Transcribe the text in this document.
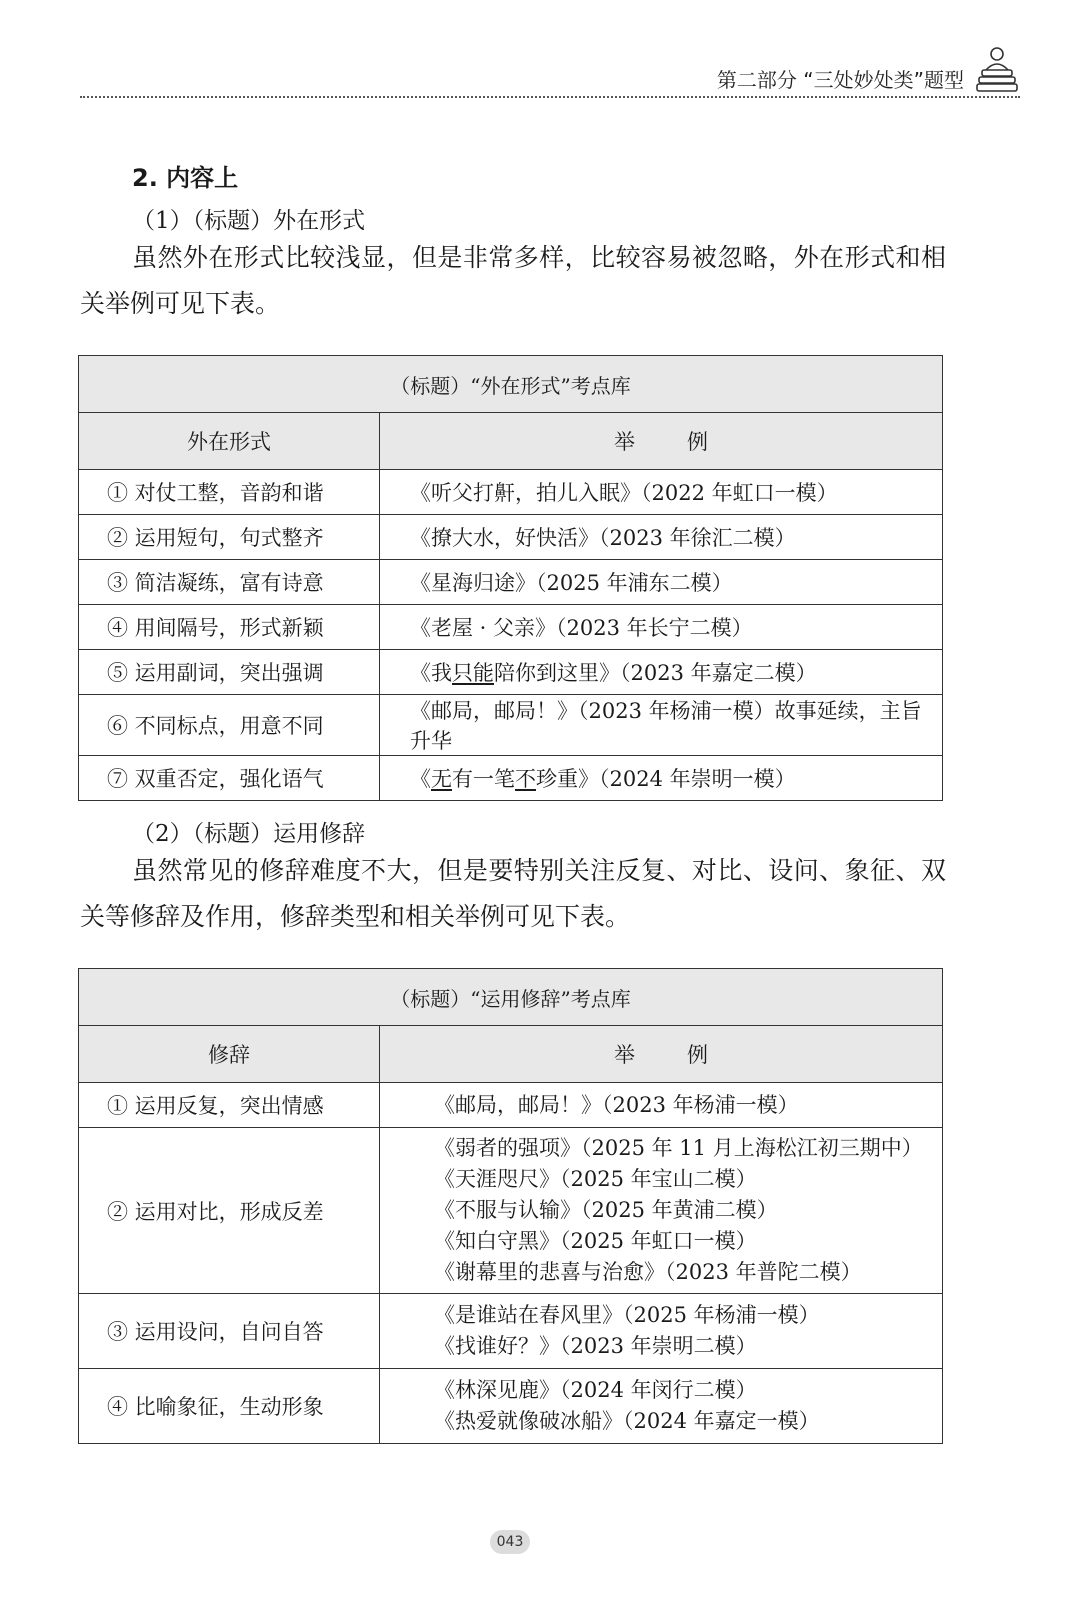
第二部分 “三处妙处类”题型
2. 内容上
（1）（标题）外在形式

虽然外在形式比较浅显，但是非常多样，比较容易被忽略，外在形式和相关举例可见下表。

（标题）“外在形式”考点库	
外在形式	举例
① 对仗工整，音韵和谐	《听父打鼾，拍儿入眠》（2022 年虹口一模）
② 运用短句，句式整齐	《撩大水，好快活》（2023 年徐汇二模）
③ 简洁凝练，富有诗意	《星海归途》（2025 年浦东二模）
④ 用间隔号，形式新颖	《老屋 · 父亲》（2023 年长宁二模）
⑤ 运用副词，突出强调	《我只能陪你到这里》（2023 年嘉定二模）
⑥ 不同标点，用意不同	《邮局，邮局！》（2023 年杨浦一模）故事延续，主旨升华
⑦ 双重否定，强化语气	《无有一笔不珍重》（2024 年崇明一模）
（2）（标题）运用修辞

虽然常见的修辞难度不大，但是要特别关注反复、对比、设问、象征、双关等修辞及作用，修辞类型和相关举例可见下表。

（标题）“运用修辞”考点库	
修辞	举例
① 运用反复，突出情感	《邮局，邮局！》（2023 年杨浦一模）

② 运用对比，形成反差	《弱者的强项》（2025 年 11 月上海松江初三期中）
《天涯咫尺》（2025 年宝山二模）
《不服与认输》（2025 年黄浦二模）
《知白守黑》（2025 年虹口一模）
《谢幕里的悲喜与治愈》（2023 年普陀二模）

③ 运用设问，自问自答	《是谁站在春风里》（2025 年杨浦一模）
《找谁好？》（2023 年崇明二模）

④ 比喻象征，生动形象	《林深见鹿》（2024 年闵行二模）
《热爱就像破冰船》（2024 年嘉定一模）
043
